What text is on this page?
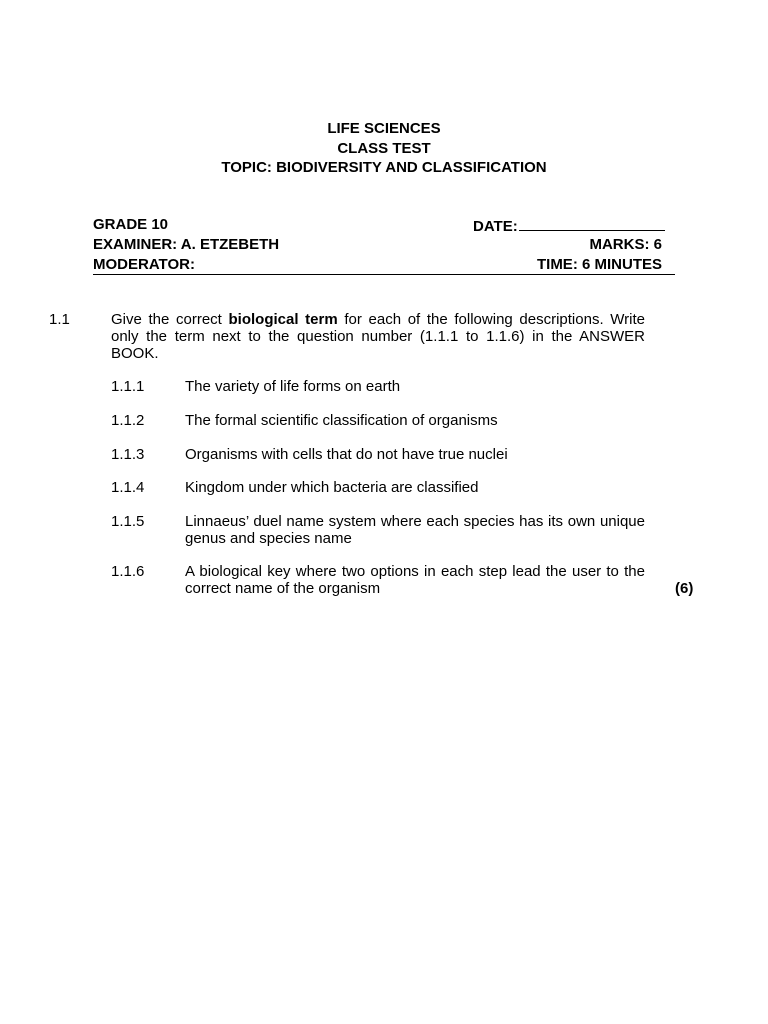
LIFE SCIENCES
CLASS TEST
TOPIC: BIODIVERSITY AND CLASSIFICATION
GRADE 10	DATE:
EXAMINER: A. ETZEBETH	MARKS: 6
MODERATOR:	TIME: 6 MINUTES
1.1	Give the correct biological term for each of the following descriptions. Write only the term next to the question number (1.1.1 to 1.1.6) in the ANSWER BOOK.
1.1.1	The variety of life forms on earth
1.1.2	The formal scientific classification of organisms
1.1.3	Organisms with cells that do not have true nuclei
1.1.4	Kingdom under which bacteria are classified
1.1.5	Linnaeus’ duel name system where each species has its own unique genus and species name
1.1.6	A biological key where two options in each step lead the user to the correct name of the organism	(6)
